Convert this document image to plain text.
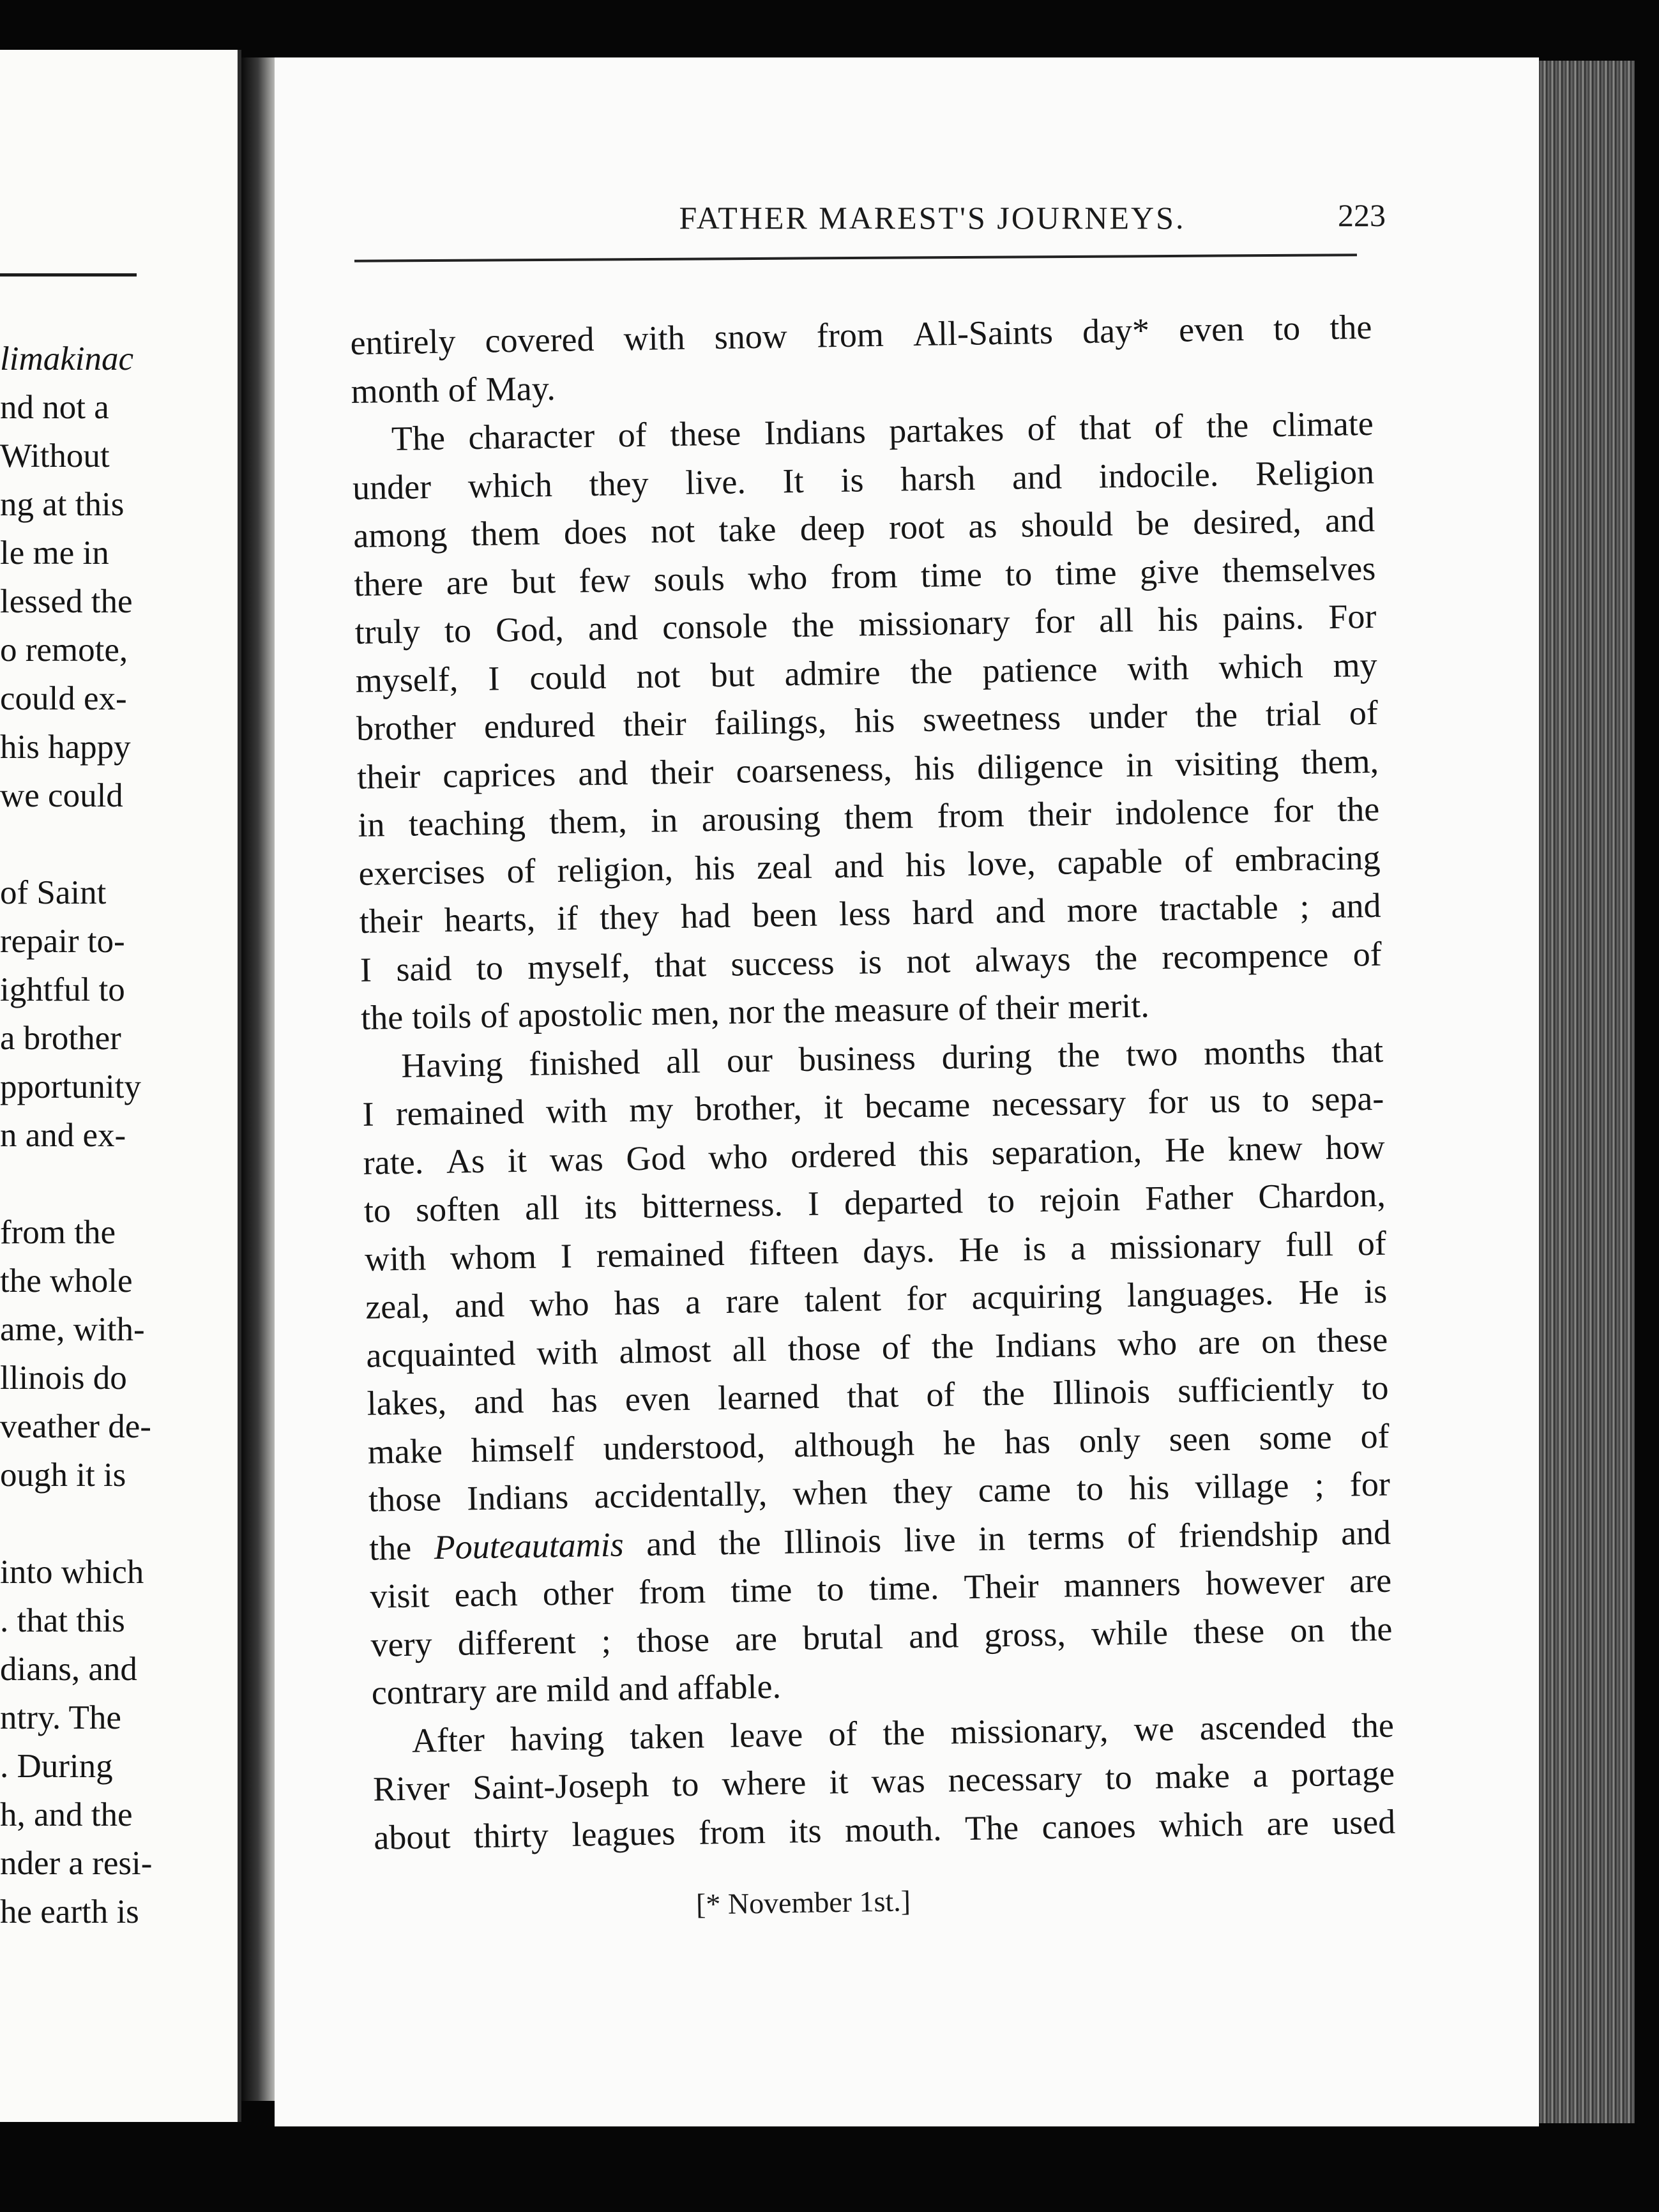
limakinac
nd not a
Without
ng at this
le me in
lessed the
o remote,
could ex-
his happy
we could
of Saint
repair to-
ightful to
a brother
pportunity
n and ex-
from the
the whole
ame, with-
llinois do
veather de-
ough it is
into which
. that this
dians, and
ntry. The
. During
h, and the
nder a resi-
he earth is
FATHER MAREST'S JOURNEYS.	223
entirely covered with snow from All-Saints day* even to the
month of May.
The character of these Indians partakes of that of the climate
under which they live. It is harsh and indocile. Religion
among them does not take deep root as should be desired, and
there are but few souls who from time to time give themselves
truly to God, and console the missionary for all his pains. For
myself, I could not but admire the patience with which my
brother endured their failings, his sweetness under the trial of
their caprices and their coarseness, his diligence in visiting them,
in teaching them, in arousing them from their indolence for the
exercises of religion, his zeal and his love, capable of embracing
their hearts, if they had been less hard and more tractable ; and
I said to myself, that success is not always the recompence of
the toils of apostolic men, nor the measure of their merit.
Having finished all our business during the two months that
I remained with my brother, it became necessary for us to sepa-
rate. As it was God who ordered this separation, He knew how
to soften all its bitterness. I departed to rejoin Father Chardon,
with whom I remained fifteen days. He is a missionary full of
zeal, and who has a rare talent for acquiring languages. He is
acquainted with almost all those of the Indians who are on these
lakes, and has even learned that of the Illinois sufficiently to
make himself understood, although he has only seen some of
those Indians accidentally, when they came to his village ; for
the Pouteautamis and the Illinois live in terms of friendship and
visit each other from time to time. Their manners however are
very different ; those are brutal and gross, while these on the
contrary are mild and affable.
After having taken leave of the missionary, we ascended the
River Saint-Joseph to where it was necessary to make a portage
about thirty leagues from its mouth. The canoes which are used
[* November 1st.]
